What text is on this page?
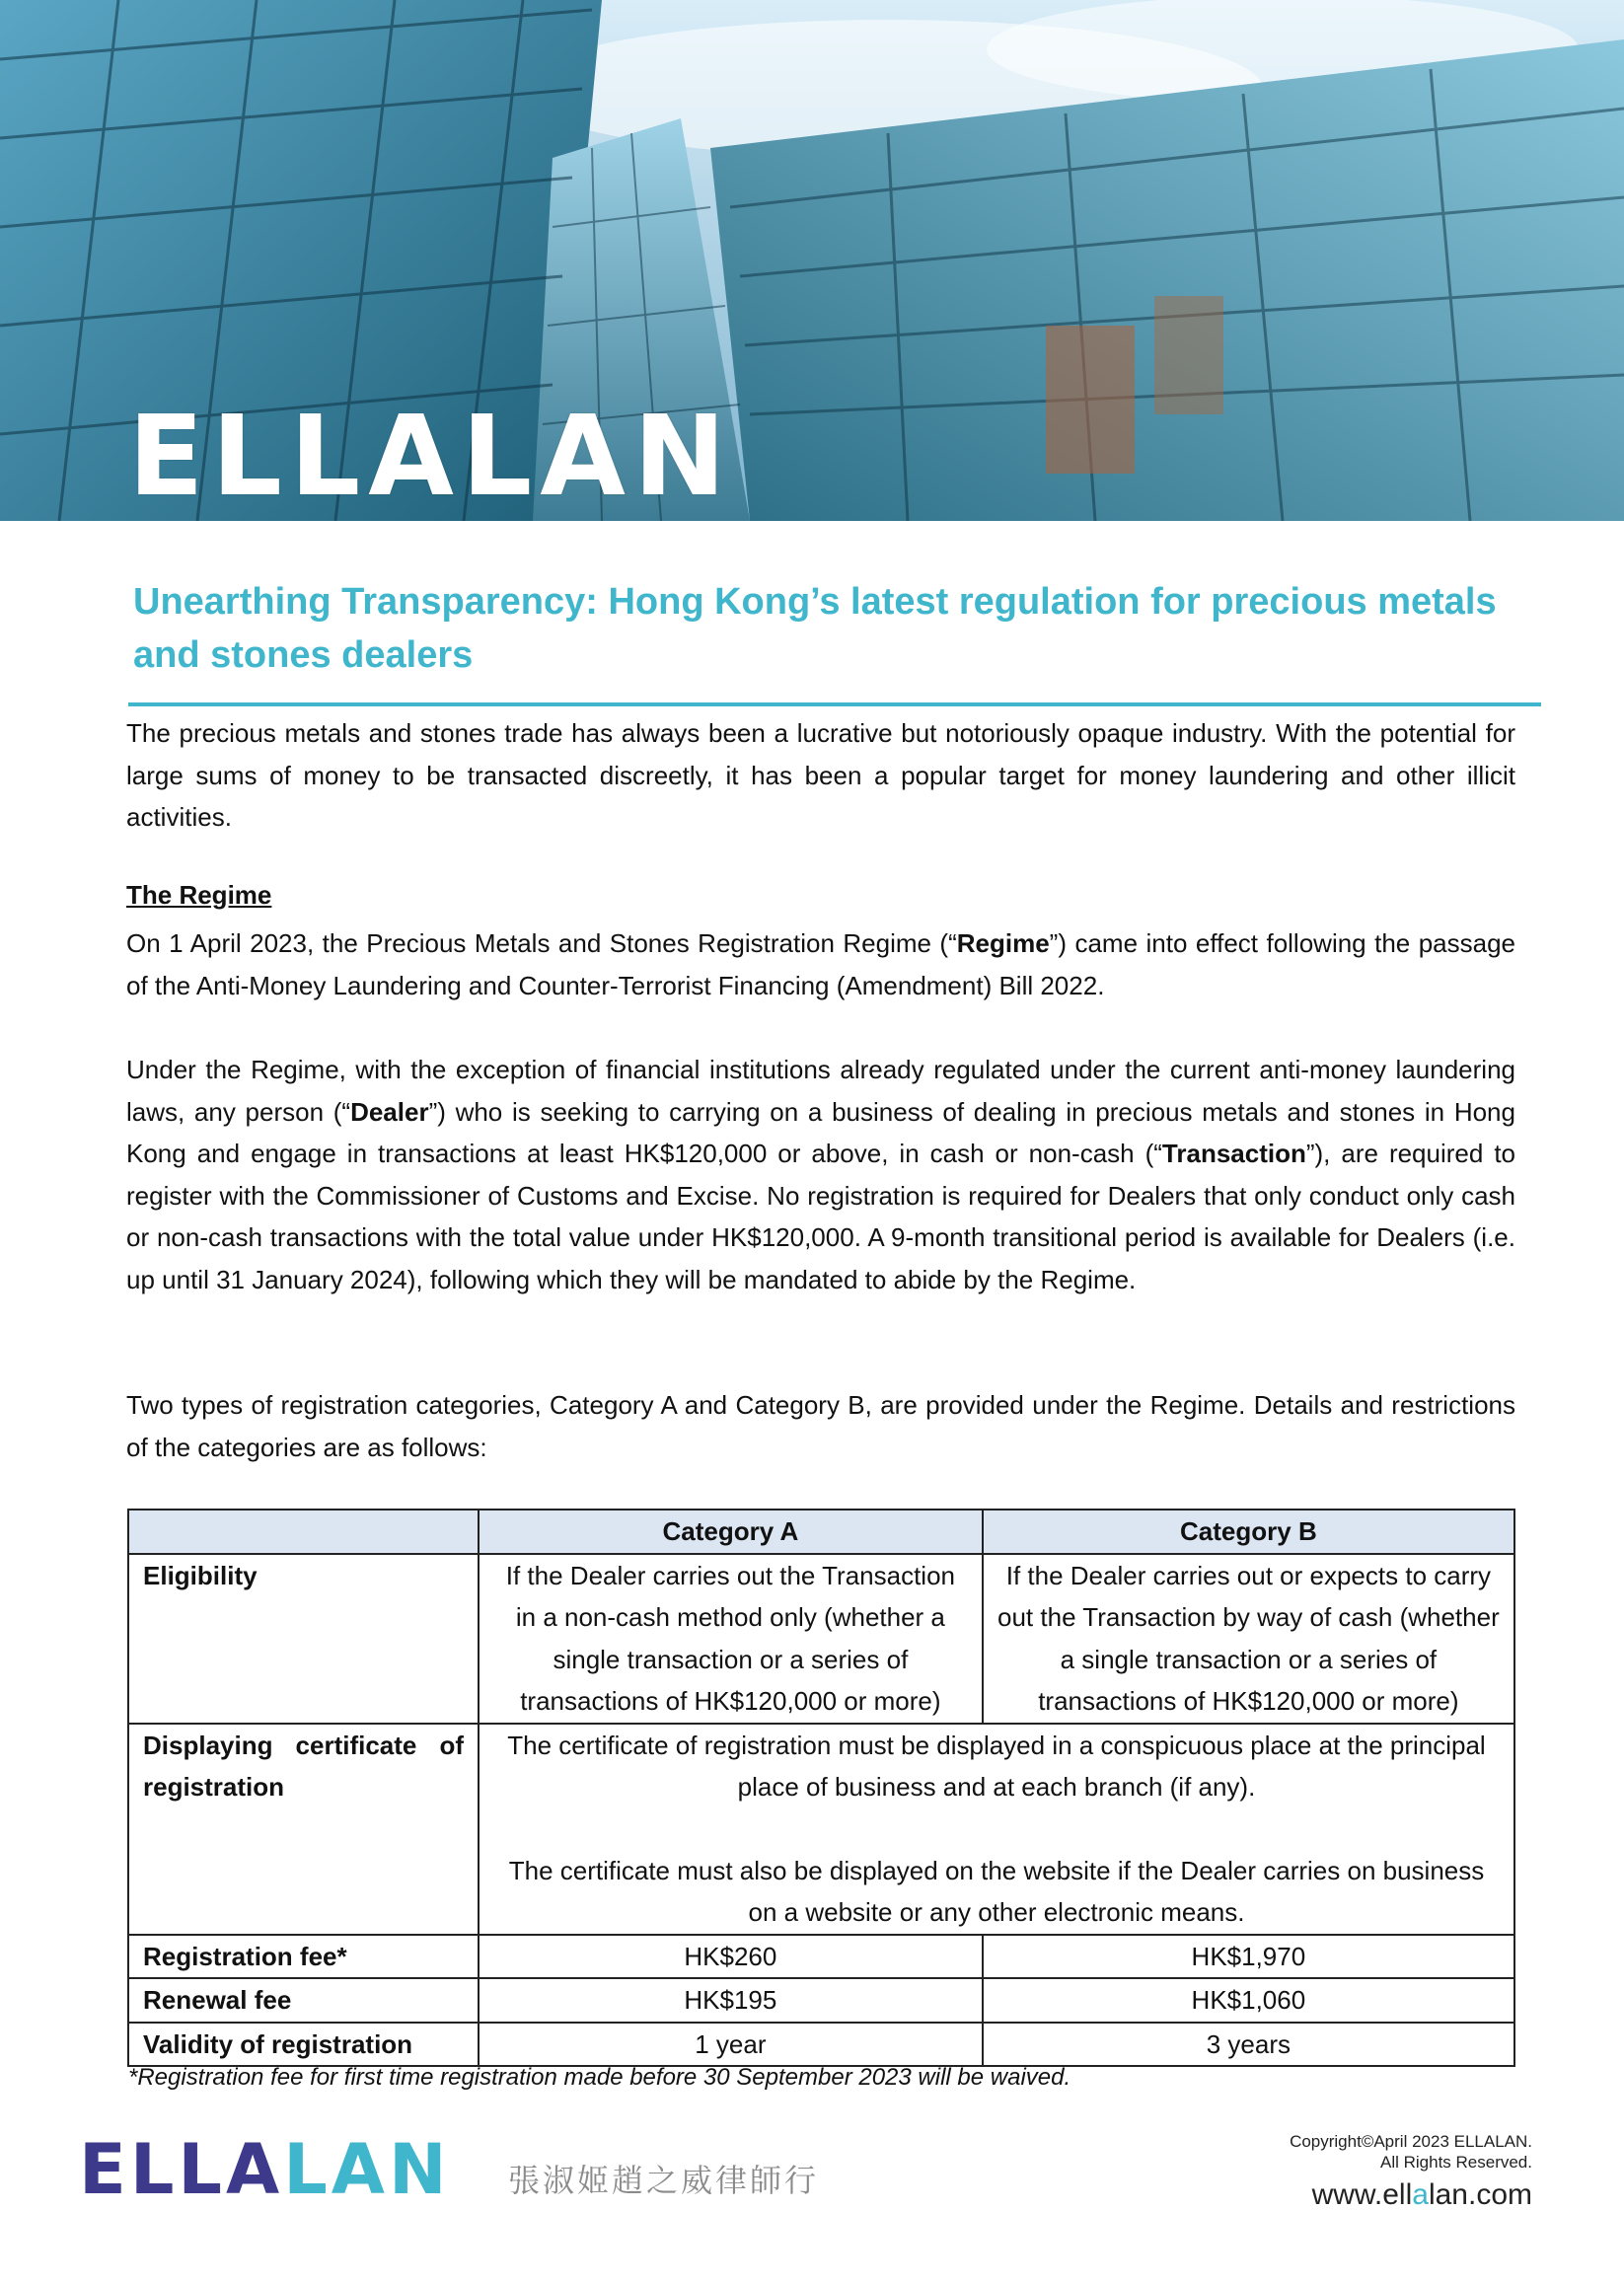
ELLALAN
Unearthing Transparency: Hong Kong’s latest regulation for precious metals and stones dealers
The precious metals and stones trade has always been a lucrative but notoriously opaque industry. With the potential for large sums of money to be transacted discreetly, it has been a popular target for money laundering and other illicit activities.
The Regime
On 1 April 2023, the Precious Metals and Stones Registration Regime (“Regime”) came into effect following the passage of the Anti-Money Laundering and Counter-Terrorist Financing (Amendment) Bill 2022.
Under the Regime, with the exception of financial institutions already regulated under the current anti-money laundering laws, any person (“Dealer”) who is seeking to carrying on a business of dealing in precious metals and stones in Hong Kong and engage in transactions at least HK$120,000 or above, in cash or non-cash (“Transaction”), are required to register with the Commissioner of Customs and Excise. No registration is required for Dealers that only conduct only cash or non-cash transactions with the total value under HK$120,000. A 9-month transitional period is available for Dealers (i.e. up until 31 January 2024), following which they will be mandated to abide by the Regime.
Two types of registration categories, Category A and Category B, are provided under the Regime. Details and restrictions of the categories are as follows:
	Category A	Category B
Eligibility	If the Dealer carries out the Transaction in a non-cash method only (whether a single transaction or a series of transactions of HK$120,000 or more)	If the Dealer carries out or expects to carry out the Transaction by way of cash (whether a single transaction or a series of transactions of HK$120,000 or more)
Displaying certificate of registration	The certificate of registration must be displayed in a conspicuous place at the principal place of business and at each branch (if any).
The certificate must also be displayed on the website if the Dealer carries on business on a website or any other electronic means.	

Registration fee*	HK$260	HK$1,970
Renewal fee	HK$195	HK$1,060
Validity of registration	1 year	3 years
*Registration fee for first time registration made before 30 September 2023 will be waived.
ELLALAN 張淑姬趙之威律師行
Copyright©April 2023 ELLALAN.
All Rights Reserved.
www.ellalan.com
